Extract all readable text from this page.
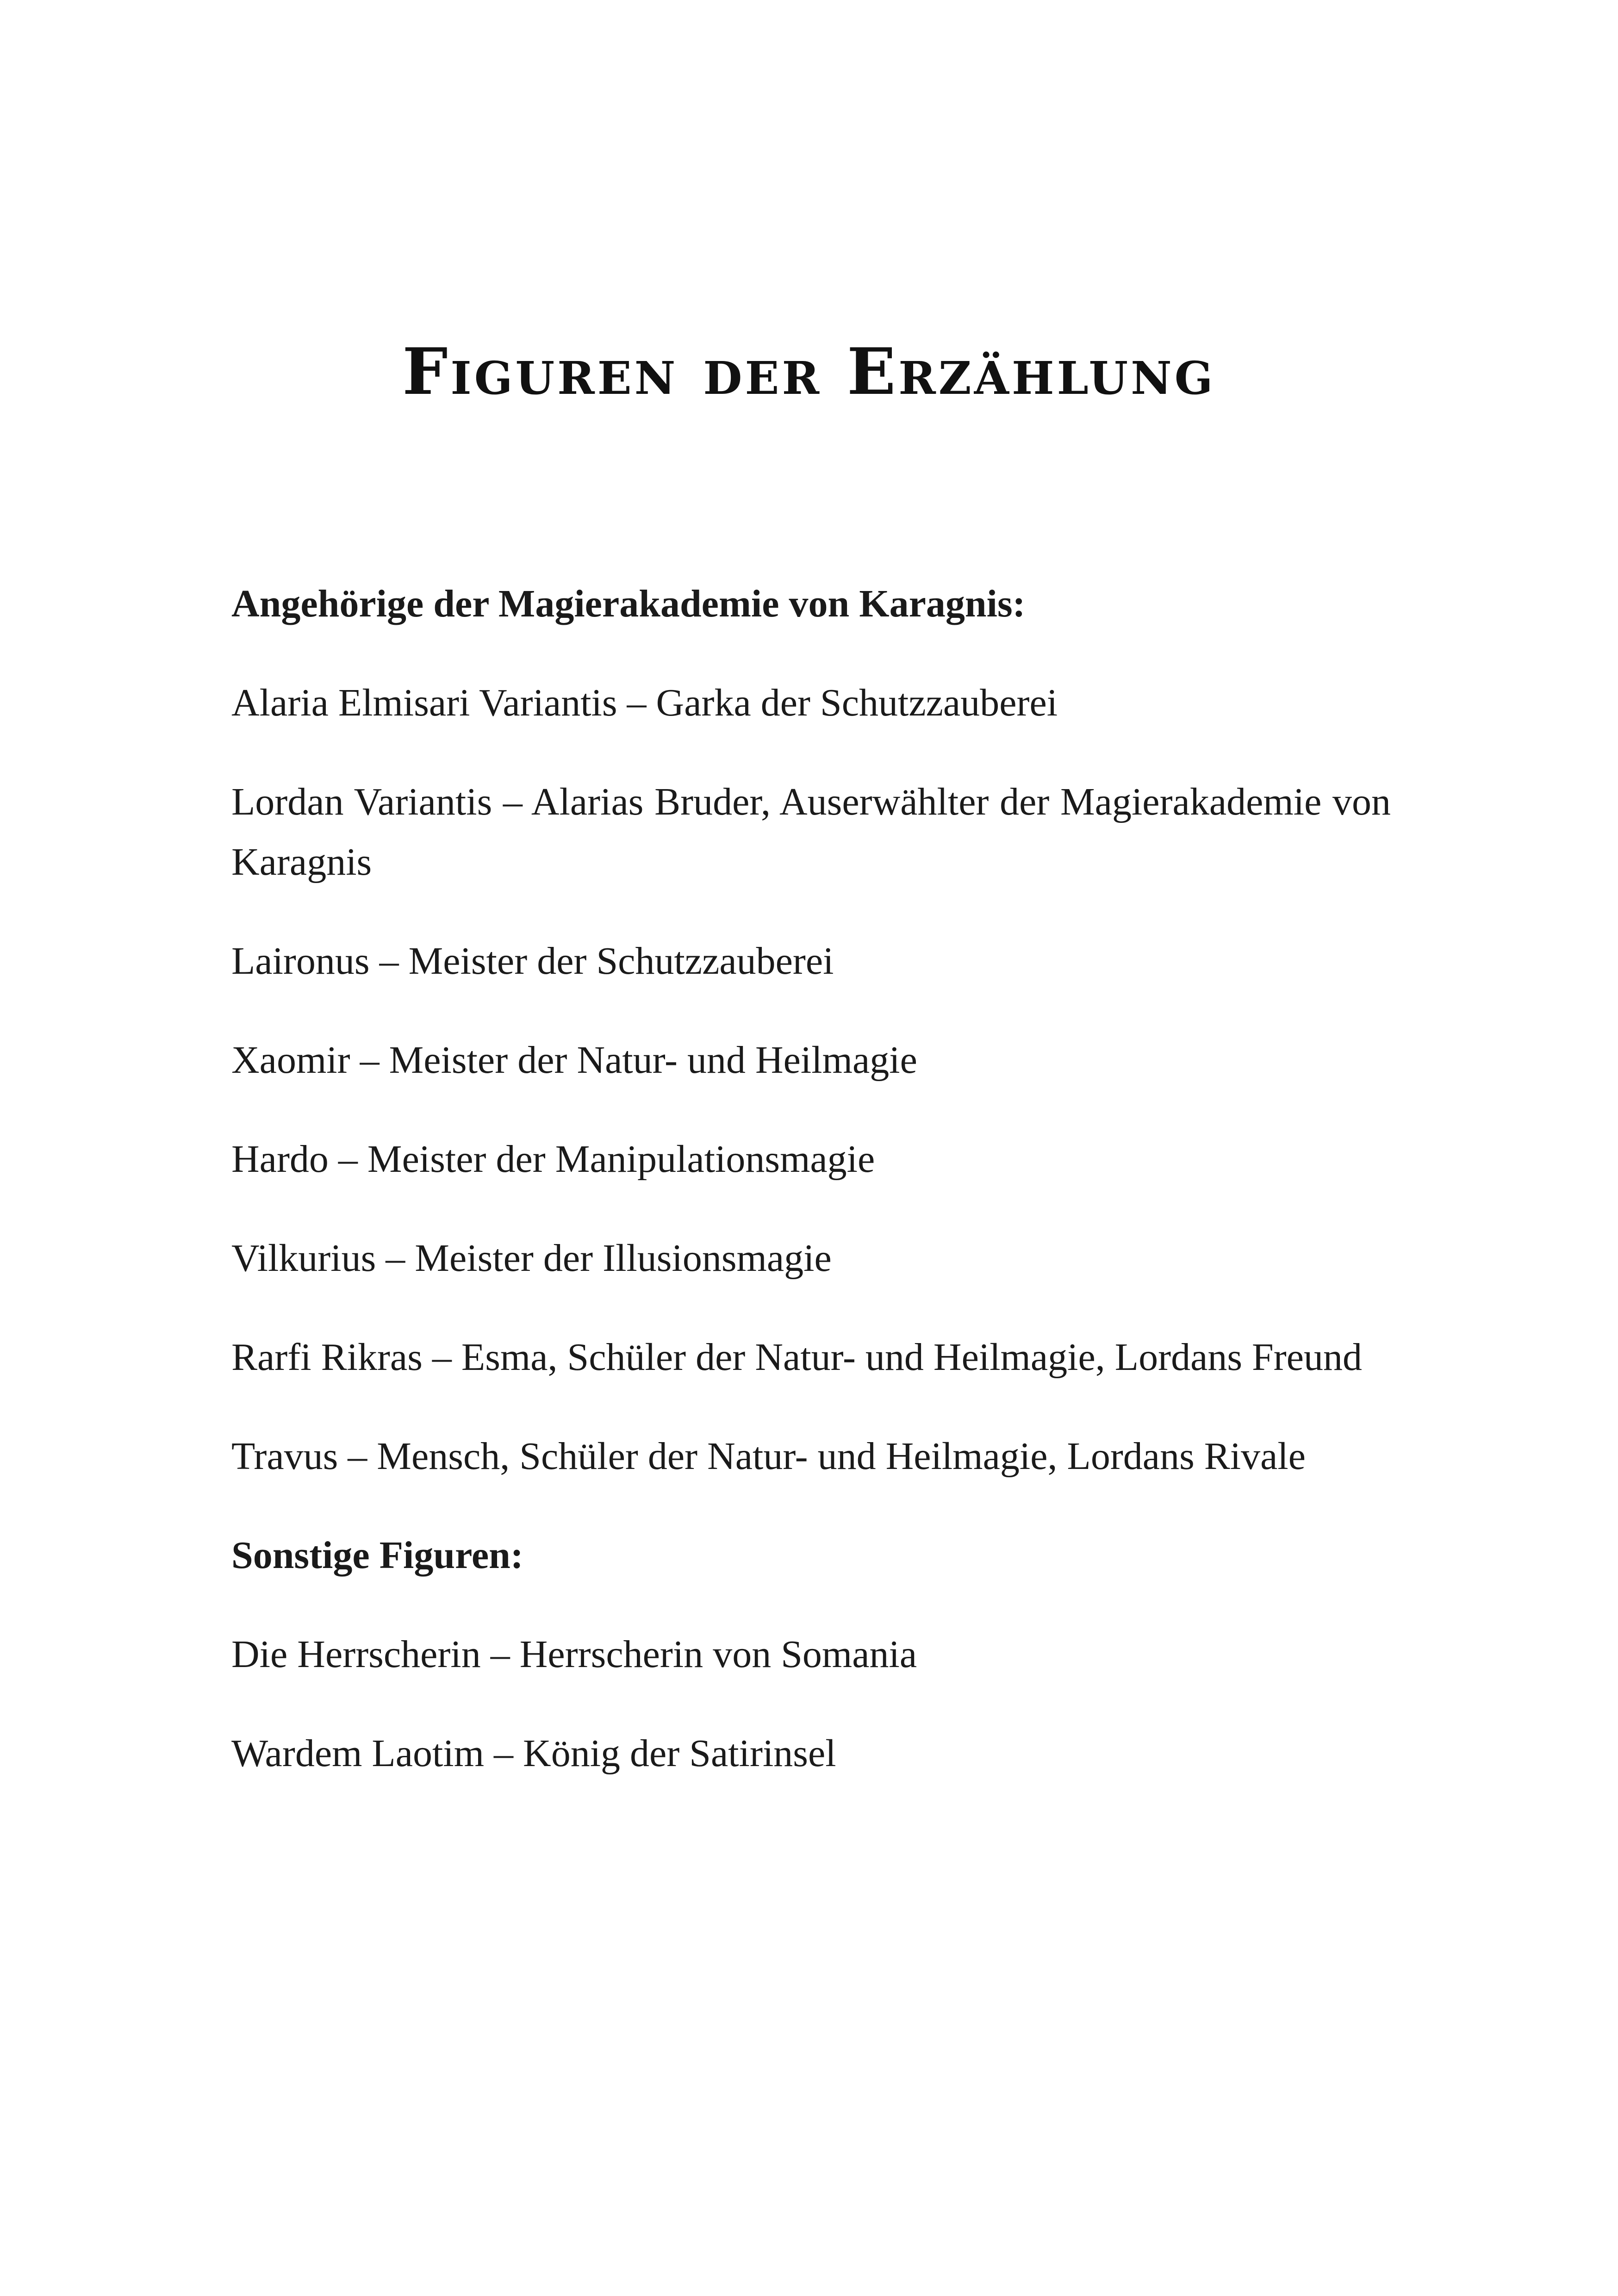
Figuren der Erzählung
Angehörige der Magierakademie von Karagnis:
Alaria Elmisari Variantis – Garka der Schutzzauberei
Lordan Variantis – Alarias Bruder, Auserwählter der Magierakademie von Karagnis
Laironus – Meister der Schutzzauberei
Xaomir – Meister der Natur- und Heilmagie
Hardo – Meister der Manipulationsmagie
Vilkurius – Meister der Illusionsmagie
Rarfi Rikras – Esma, Schüler der Natur- und Heilmagie, Lordans Freund
Travus – Mensch, Schüler der Natur- und Heilmagie, Lordans Rivale
Sonstige Figuren:
Die Herrscherin – Herrscherin von Somania
Wardem Laotim – König der Satirinsel
